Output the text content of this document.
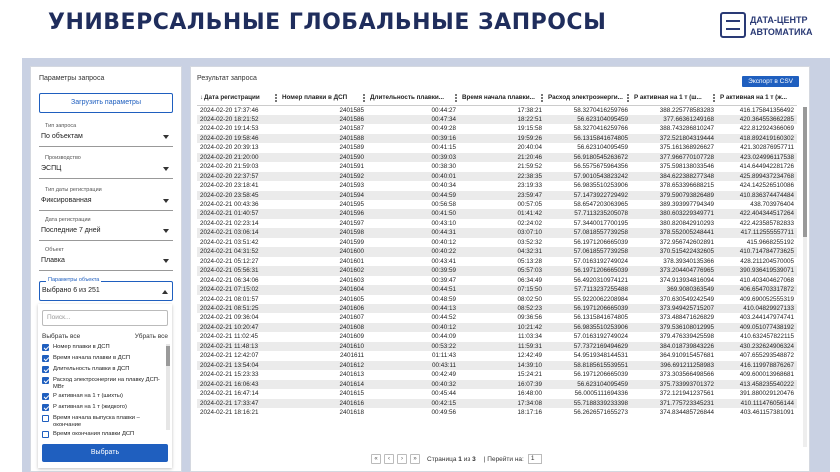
УНИВЕРСАЛЬНЫЕ ГЛОБАЛЬНЫЕ ЗАПРОСЫ	ДАТА-ЦЕНТР
АВТОМАТИКА
Параметры запроса
Загрузить параметры
Тип запроса
По объектам
Производство
ЭСПЦ
Тип даты регистрации
Фиксированная
Дата регистрации
Последние 7 дней
Объект
Плавка
Параметры объекта
Выбрано 6 из 251
Поиск...
Выбрать все	Убрать все
Номер плавки в ДСП
Время начала плавки в ДСП
Длительность плавки в ДСП
Расход электроэнергии на плавку ДСП-МВт
P активная на 1 т (шихты)
P активная на 1 т (жидкого)
Время начала выпуска плавки – окончание
Время окончания плавки ДСП
Выбрать
Результат запроса	Экспорт в CSV
↓Дата регистрации	Номер плавки в ДСП	Длительность плавки...	Время начала плавки...	Расход электроэнерги...	P активная на 1 т (ш...	P активная на 1 т (ж...
2024-02-20 17:37:46	2401585	00:44:27	17:38:21	58.3270416259766	388.225778583283	416.175841356492
2024-02-20 18:21:52	2401586	00:47:34	18:22:51	56.623104095459	377.66361249168	420.364553662285
2024-02-20 19:14:53	2401587	00:49:28	19:15:58	58.3270416259766	388.743286810247	422.812924366069
2024-02-20 19:58:46	2401588	00:39:16	19:59:26	56.1315841674805	372.521804319444	418.892419160302
2024-02-20 20:39:13	2401589	00:41:15	20:40:04	56.623104095459	375.161368926627	421.302876957711
2024-02-20 21:20:00	2401590	00:39:03	21:20:46	56.9180545263672	377.966770107728	423.024996117538
2024-02-20 21:59:03	2401591	00:38:30	21:59:52	56.5575675964356	375.598138033546	414.644942281726
2024-02-20 22:37:57	2401592	00:40:01	22:38:35	57.9010543823242	384.622388277348	425.899437234768
2024-02-20 23:18:41	2401593	00:40:34	23:19:33	56.9835510253906	378.653396688215	424.142526510086
2024-02-20 23:58:45	2401594	00:44:59	23:59:47	57.1473922729492	379.590793826489	410.836374474484
2024-02-21 00:43:36	2401595	00:56:58	00:57:05	58.6547203063965	389.393997794349	438.703976404
2024-02-21 01:40:57	2401596	00:41:50	01:41:42	57.7113235205078	380.603229349771	422.404344517264
2024-02-21 02:23:14	2401597	00:43:10	02:24:02	57.3440017700195	380.820842910293	422.423585782833
2024-02-21 03:06:14	2401598	00:44:31	03:07:10	57.0818557739258	378.552005248441	417.112555557711
2024-02-21 03:51:42	2401599	00:40:12	03:52:32	56.1971206665039	372.956742602891	415.9668255192
2024-02-21 04:31:52	2401600	00:40:22	04:32:31	57.0618557739258	370.515422432605	410.714784773625
2024-02-21 05:12:27	2401601	00:43:41	05:13:28	57.0163192749024	378.39340135366	428.211204570005
2024-02-21 05:56:31	2401602	00:39:59	05:57:03	56.1971206665039	373.204404776965	390.936419539071
2024-02-21 06:34:06	2401603	00:39:47	06:34:49	56.4920310974121	374.913934816094	410.403404627068
2024-02-21 07:15:02	2401604	00:44:51	07:15:50	57.7113237255488	369.9080363549	406.654703317872
2024-02-21 08:01:57	2401605	00:48:59	08:02:50	55.9220062208984	370.630549242549	409.690052555319
2024-02-21 08:51:25	2401606	00:44:13	08:52:23	56.1971206665039	373.949425715207	410.04829927133
2024-02-21 09:36:04	2401607	00:44:52	09:36:56	56.1315841674805	373.488471626829	403.244147974741
2024-02-21 10:20:47	2401608	00:40:12	10:21:42	56.9835510253906	379.536108012995	409.051077438192
2024-02-21 11:02:45	2401609	00:44:09	11:03:34	57.0163192749024	379.476339425598	410.632457822115
2024-02-21 11:48:13	2401610	00:53:22	11:59:31	57.7372169494629	384.018739843226	430.232624906324
2024-02-21 12:42:07	2401611	01:11:43	12:42:49	54.9519348144531	364.910915457681	407.655293548872
2024-02-21 13:54:04	2401612	00:43:11	14:39:10	58.8185615539551	396.691211258983	416.119978876267
2024-02-21 15:23:33	2401613	00:42:49	15:24:21	56.1971206665039	373.303566498566	409.600013968681
2024-02-21 16:06:43	2401614	00:40:32	16:07:39	56.623104095459	375.733993701372	413.458235540222
2024-02-21 16:47:14	2401615	00:45:44	16:48:00	56.0005111694336	372.121941237561	391.880029120476
2024-02-21 17:33:47	2401616	00:42:15	17:34:08	55.7188339233398	371.775723345231	410.111476056144
2024-02-21 18:16:21	2401618	00:49:56	18:17:16	56.2626571655273	374.834485726844	403.461157381091
«	‹	›	»	Страница 1 из 3 | Перейти на:	1
